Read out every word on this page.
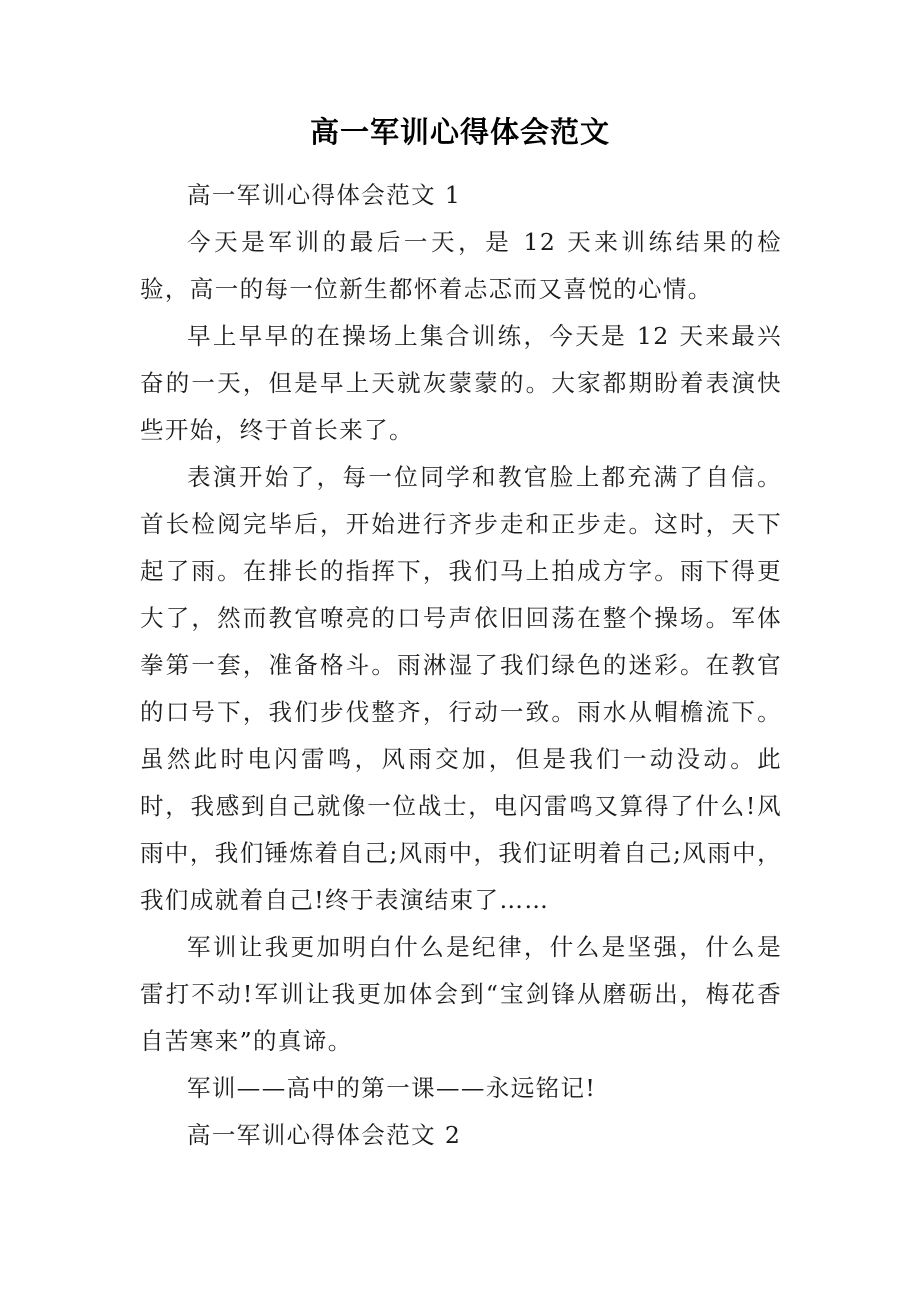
高一军训心得体会范文

高一军训心得体会范文 1

今天是军训的最后一天，是 12 天来训练结果的检验，高一的每一位新生都怀着忐忑而又喜悦的心情。

早上早早的在操场上集合训练，今天是 12 天来最兴奋的一天，但是早上天就灰蒙蒙的。大家都期盼着表演快些开始，终于首长来了。

表演开始了，每一位同学和教官脸上都充满了自信。首长检阅完毕后，开始进行齐步走和正步走。这时，天下起了雨。在排长的指挥下，我们马上拍成方字。雨下得更大了，然而教官嘹亮的口号声依旧回荡在整个操场。军体拳第一套，准备格斗。雨淋湿了我们绿色的迷彩。在教官的口号下，我们步伐整齐，行动一致。雨水从帽檐流下。虽然此时电闪雷鸣，风雨交加，但是我们一动没动。此时，我感到自己就像一位战士，电闪雷鸣又算得了什么!风雨中，我们锤炼着自己;风雨中，我们证明着自己;风雨中，我们成就着自己!终于表演结束了……

军训让我更加明白什么是纪律，什么是坚强，什么是雷打不动!军训让我更加体会到“宝剑锋从磨砺出，梅花香自苦寒来”的真谛。

军训——高中的第一课——永远铭记!

高一军训心得体会范文 2
